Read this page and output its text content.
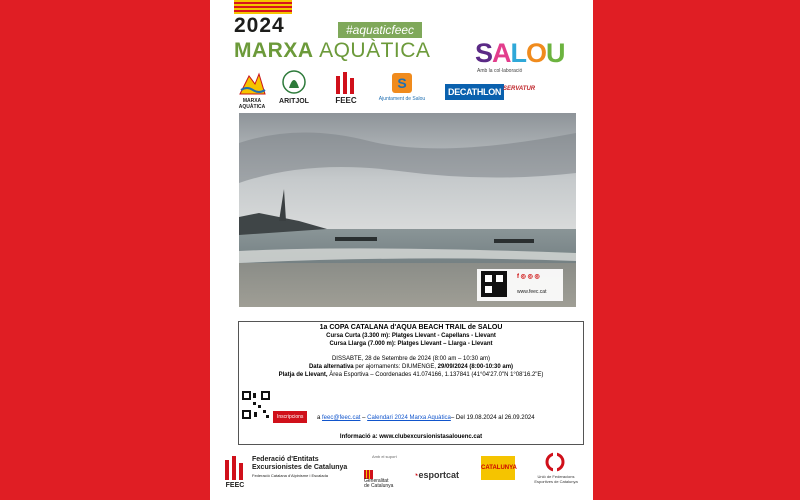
2024	#aquaticfeec
MARXA AQUÀTICA SALOU
Amb la col·laboració
MARXA AQUÀTICA
ARITJOL	FEEC
S
Ajuntament de Salou
DECATHLON SERVATUR
f ◎ ◎ ◎
www.feec.cat
1a COPA CATALANA d'AQUA BEACH TRAIL de SALOU
Cursa Curta (3.300 m): Platges Llevant - Capellans - Llevant
Cursa Llarga (7.000 m): Platges Llevant – Llarga - Llevant
DISSABTE, 28 de Setembre de 2024 (8:00 am – 10:30 am)
Data alternativa per ajornaments: DIUMENGE, 29/09/2024 (8:00-10:30 am)
Platja de Llevant, Àrea Esportiva – Coordenades 41.074166, 1.137841 (41°04'27.0"N 1°08'16.2"E)
Inscripcions	a feec@feec.cat – Calendari 2024 Marxa Aquàtica– Del 19.08.2024 al 26.09.2024
Informació a: www.clubexcursionistasalouenc.cat
FEEC
Federació d'Entitats
Excursionistes de Catalunya
Federació Catalana d'Alpinisme i Escalada
Amb el suport
Generalitat
de Catalunya
◔esportcat
CATALUNYA
Unió de Federacions
Esportives de Catalunya
